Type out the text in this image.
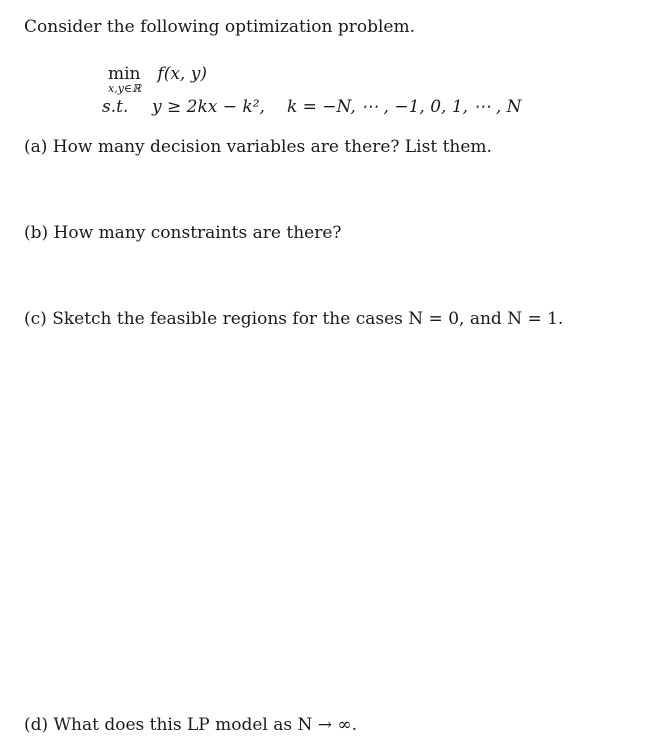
Consider the following optimization problem.
min
x,y∈ℝ
f(x, y)
s.t. y ≥ 2kx − k², k = −N, ⋯ , −1, 0, 1, ⋯ , N
(a) How many decision variables are there? List them.
(b) How many constraints are there?
(c) Sketch the feasible regions for the cases N = 0, and N = 1.
(d) What does this LP model as N → ∞.
